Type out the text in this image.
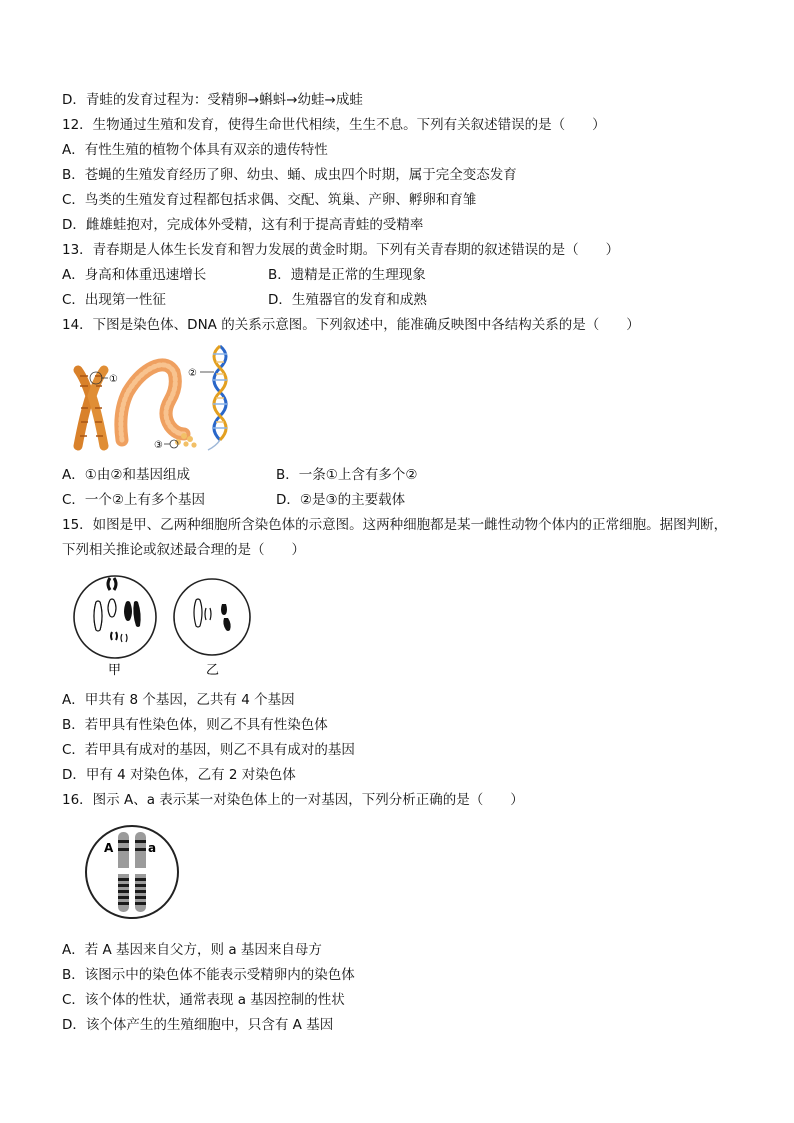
D．青蛙的发育过程为：受精卵→蝌蚪→幼蛙→成蛙
12．生物通过生殖和发育，使得生命世代相续，生生不息。下列有关叙述错误的是（　　）
A．有性生殖的植物个体具有双亲的遗传特性
B．苍蝇的生殖发育经历了卵、幼虫、蛹、成虫四个时期，属于完全变态发育
C．鸟类的生殖发育过程都包括求偶、交配、筑巢、产卵、孵卵和育雏
D．雌雄蛙抱对，完成体外受精，这有利于提高青蛙的受精率
13．青春期是人体生长发育和智力发展的黄金时期。下列有关青春期的叙述错误的是（　　）
A．身高和体重迅速增长	B．遗精是正常的生理现象
C．出现第一性征	D．生殖器官的发育和成熟
14．下图是染色体、DNA 的关系示意图。下列叙述中，能准确反映图中各结构关系的是（　　）
①
③
②
A．①由②和基因组成	B．一条①上含有多个②
C．一个②上有多个基因	D．②是③的主要载体
15．如图是甲、乙两种细胞所含染色体的示意图。这两种细胞都是某一雌性动物个体内的正常细胞。据图判断，
下列相关推论或叙述最合理的是（　　）
甲	乙
A．甲共有 8 个基因，乙共有 4 个基因
B．若甲具有性染色体，则乙不具有性染色体
C．若甲具有成对的基因，则乙不具有成对的基因
D．甲有 4 对染色体，乙有 2 对染色体
16．图示 A、a 表示某一对染色体上的一对基因，下列分析正确的是（　　）
A	a
A．若 A 基因来自父方，则 a 基因来自母方
B．该图示中的染色体不能表示受精卵内的染色体
C．该个体的性状，通常表现 a 基因控制的性状
D．该个体产生的生殖细胞中，只含有 A 基因
